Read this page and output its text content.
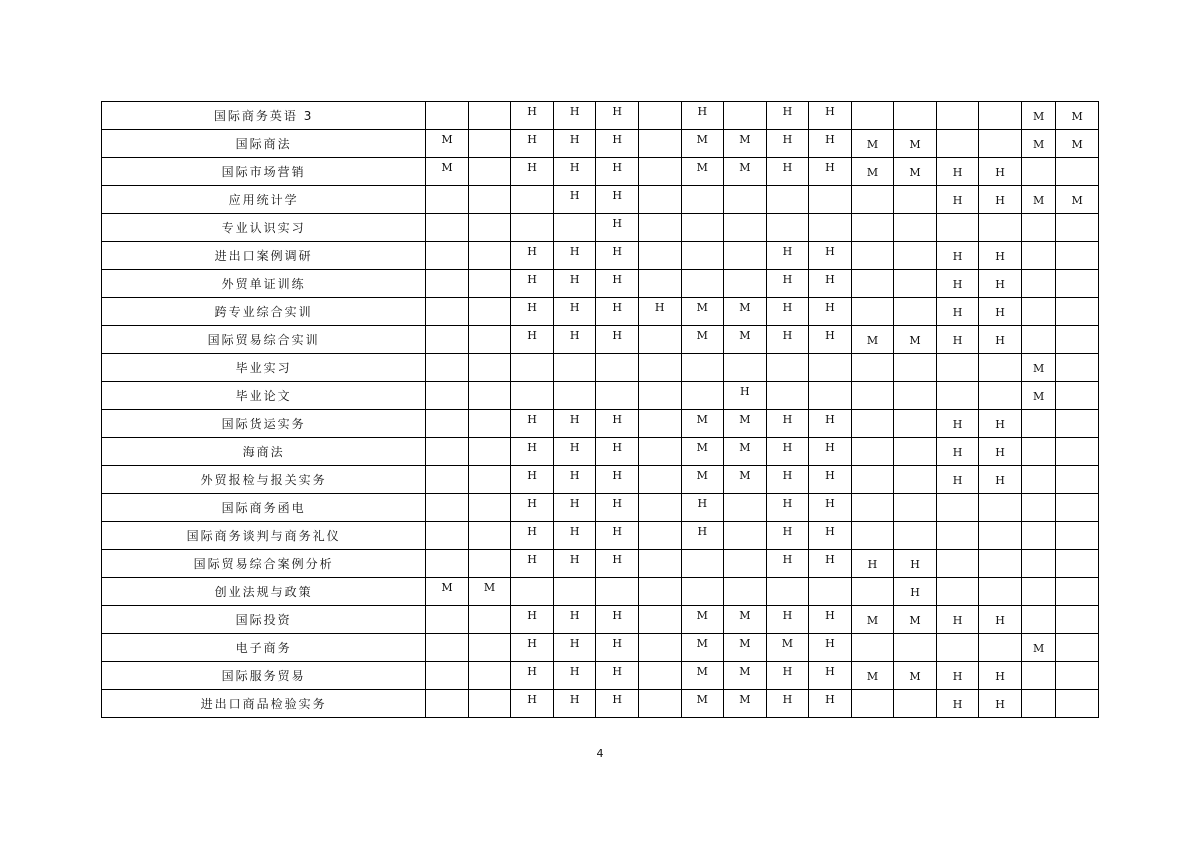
国际商务英语 3			H	H	H		H		H	H					M	M
国际商法	M		H	H	H		M	M	H	H	M	M			M	M
国际市场营销	M		H	H	H		M	M	H	H	M	M	H	H		
应用统计学				H	H								H	H	M	M
专业认识实习					H											
进出口案例调研			H	H	H				H	H			H	H		
外贸单证训练			H	H	H				H	H			H	H		
跨专业综合实训			H	H	H	H	M	M	H	H			H	H		
国际贸易综合实训			H	H	H		M	M	H	H	M	M	H	H		
毕业实习															M	
毕业论文								H							M	
国际货运实务			H	H	H		M	M	H	H			H	H		
海商法			H	H	H		M	M	H	H			H	H		
外贸报检与报关实务			H	H	H		M	M	H	H			H	H		
国际商务函电			H	H	H		H		H	H						
国际商务谈判与商务礼仪			H	H	H		H		H	H						
国际贸易综合案例分析			H	H	H				H	H	H	H				
创业法规与政策	M	M										H				
国际投资			H	H	H		M	M	H	H	M	M	H	H		
电子商务			H	H	H		M	M	M	H					M	
国际服务贸易			H	H	H		M	M	H	H	M	M	H	H		
进出口商品检验实务			H	H	H		M	M	H	H			H	H		
4
